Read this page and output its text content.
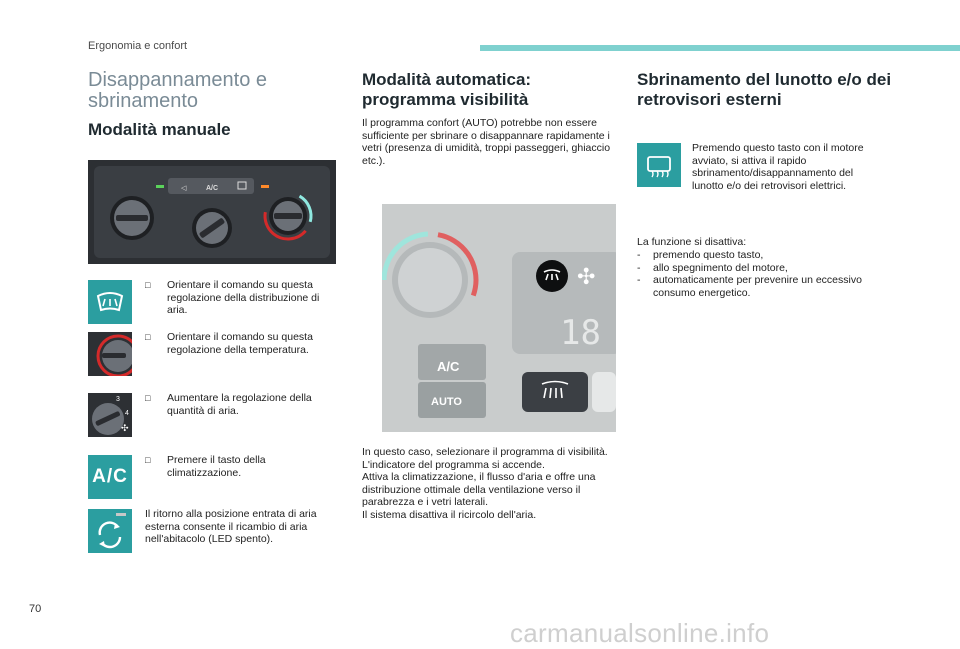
Ergonomia e confort
Disappannamento e sbrinamento
Modalità manuale
◁	A/C
□ Orientare il comando su questa regolazione della distribuzione di aria.

□ Orientare il comando su questa regolazione della temperatura.

3
4
✣
□ Aumentare la regolazione della quantità di aria.

A/C
□ Premere il tasto della climatizzazione.

Il ritorno alla posizione entrata di aria esterna consente il ricambio di aria nell'abitacolo (LED spento).

Modalità automatica: programma visibilità

Il programma confort (AUTO) potrebbe non essere sufficiente per sbrinare o disappannare rapidamente i vetri (presenza di umidità, troppi passeggeri, ghiaccio etc.).

✣
18
A/C
AUTO

In questo caso, selezionare il programma di visibilità. L'indicatore del programma si accende.

Attiva la climatizzazione, il flusso d'aria e offre una distribuzione ottimale della ventilazione verso il parabrezza e i vetri laterali.

Il sistema disattiva il ricircolo dell'aria.

Sbrinamento del lunotto e/o dei retrovisori esterni

Premendo questo tasto con il motore avviato, si attiva il rapido sbrinamento/disappannamento del lunotto e/o dei retrovisori elettrici.

La funzione si disattiva:

-	premendo questo tasto,
-	allo spegnimento del motore,
-	automaticamente per prevenire un eccessivo consumo energetico.
70
carmanualsonline.info
